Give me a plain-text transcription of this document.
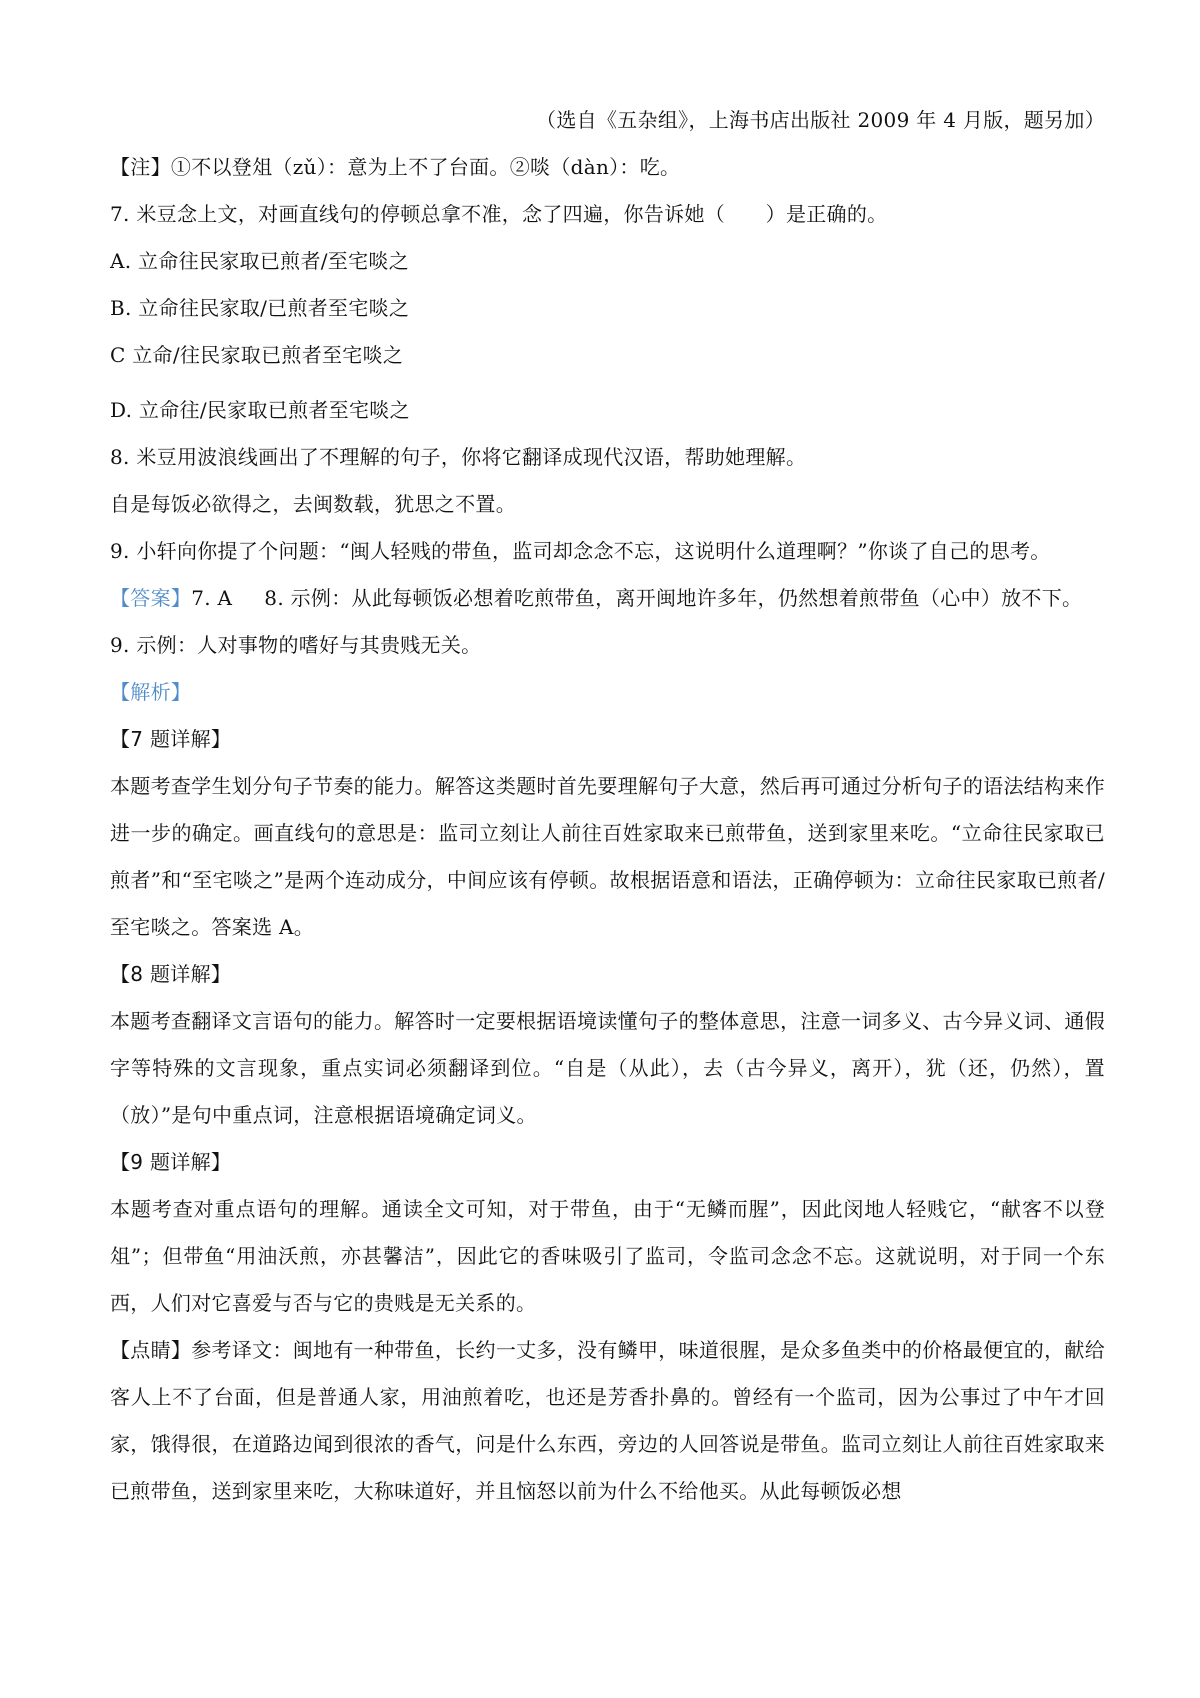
（选自《五杂组》，上海书店出版社 2009 年 4 月版，题另加）

【注】①不以登俎（zǔ）：意为上不了台面。②啖（dàn）：吃。

7. 米豆念上文，对画直线句的停顿总拿不准，念了四遍，你告诉她（　　）是正确的。

A. 立命往民家取已煎者/至宅啖之

B. 立命往民家取/已煎者至宅啖之

C 立命/往民家取已煎者至宅啖之

D. 立命往/民家取已煎者至宅啖之

8. 米豆用波浪线画出了不理解的句子，你将它翻译成现代汉语，帮助她理解。

自是每饭必欲得之，去闽数载，犹思之不置。

9. 小轩向你提了个问题：“闽人轻贱的带鱼，监司却念念不忘，这说明什么道理啊？”你谈了自己的思考。

【答案】7. A 8. 示例：从此每顿饭必想着吃煎带鱼，离开闽地许多年，仍然想着煎带鱼（心中）放不下。

9. 示例：人对事物的嗜好与其贵贱无关。

【解析】

【7 题详解】

本题考查学生划分句子节奏的能力。解答这类题时首先要理解句子大意，然后再可通过分析句子的语法结构来作进一步的确定。画直线句的意思是：监司立刻让人前往百姓家取来已煎带鱼，送到家里来吃。“立命往民家取已煎者”和“至宅啖之”是两个连动成分，中间应该有停顿。故根据语意和语法，正确停顿为：立命往民家取已煎者/至宅啖之。答案选 A。

【8 题详解】

本题考查翻译文言语句的能力。解答时一定要根据语境读懂句子的整体意思，注意一词多义、古今异义词、通假字等特殊的文言现象，重点实词必须翻译到位。“自是（从此），去（古今异义，离开），犹（还，仍然），置（放）”是句中重点词，注意根据语境确定词义。

【9 题详解】

本题考查对重点语句的理解。通读全文可知，对于带鱼，由于“无鳞而腥”，因此闵地人轻贱它，“献客不以登俎”；但带鱼“用油沃煎，亦甚馨洁”，因此它的香味吸引了监司，令监司念念不忘。这就说明，对于同一个东西，人们对它喜爱与否与它的贵贱是无关系的。

【点睛】参考译文：闽地有一种带鱼，长约一丈多，没有鳞甲，味道很腥，是众多鱼类中的价格最便宜的，献给客人上不了台面，但是普通人家，用油煎着吃，也还是芳香扑鼻的。曾经有一个监司，因为公事过了中午才回家，饿得很，在道路边闻到很浓的香气，问是什么东西，旁边的人回答说是带鱼。监司立刻让人前往百姓家取来已煎带鱼，送到家里来吃，大称味道好，并且恼怒以前为什么不给他买。从此每顿饭必想
